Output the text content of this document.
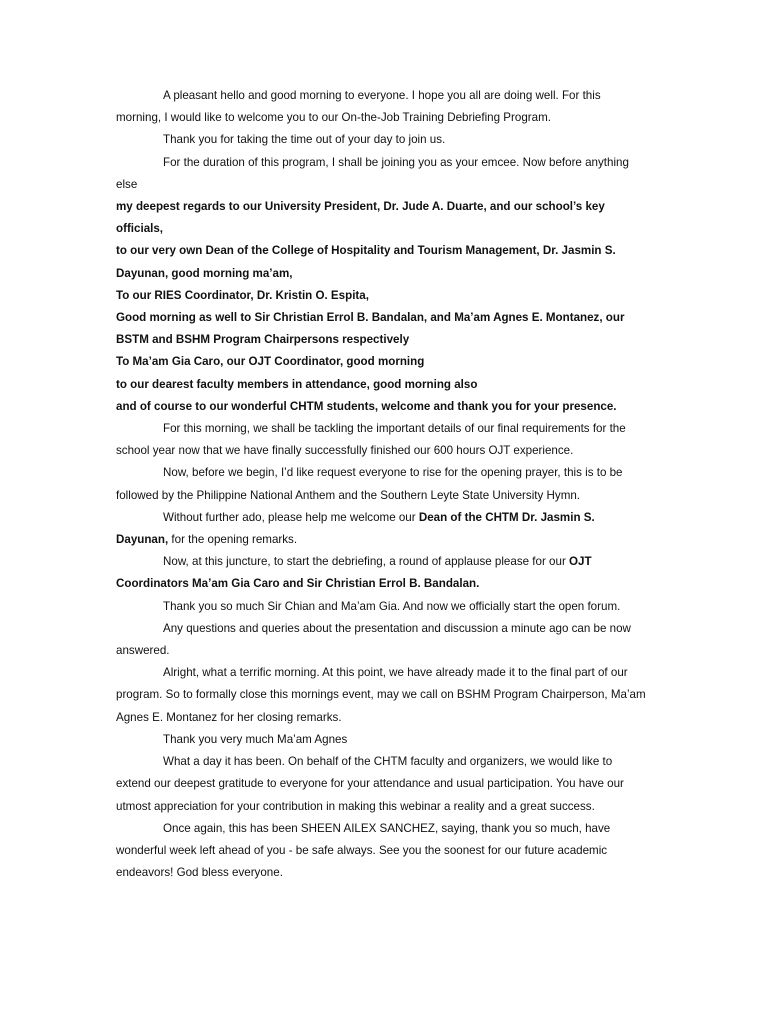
A pleasant hello and good morning to everyone. I hope you all are doing well. For this morning, I would like to welcome you to our On-the-Job Training Debriefing Program.

Thank you for taking the time out of your day to join us.

For the duration of this program, I shall be joining you as your emcee. Now before anything else

my deepest regards to our University President, Dr. Jude A. Duarte, and our school’s key officials,

to our very own Dean of the College of Hospitality and Tourism Management, Dr. Jasmin S. Dayunan, good morning ma’am,

To our RIES Coordinator, Dr. Kristin O. Espita,

Good morning as well to Sir Christian Errol B. Bandalan, and Ma’am Agnes E. Montanez, our BSTM and BSHM Program Chairpersons respectively

To Ma’am Gia Caro, our OJT Coordinator, good morning

to our dearest faculty members in attendance, good morning also

and of course to our wonderful CHTM students, welcome and thank you for your presence.

For this morning, we shall be tackling the important details of our final requirements for the school year now that we have finally successfully finished our 600 hours OJT experience.

Now, before we begin, I’d like request everyone to rise for the opening prayer, this is to be followed by the Philippine National Anthem and the Southern Leyte State University Hymn.

Without further ado, please help me welcome our Dean of the CHTM Dr. Jasmin S. Dayunan, for the opening remarks.

Now, at this juncture, to start the debriefing, a round of applause please for our OJT Coordinators Ma’am Gia Caro and Sir Christian Errol B. Bandalan.

Thank you so much Sir Chian and Ma’am Gia. And now we officially start the open forum.

Any questions and queries about the presentation and discussion a minute ago can be now answered.

Alright, what a terrific morning. At this point, we have already made it to the final part of our program. So to formally close this mornings event, may we call on BSHM Program Chairperson, Ma’am Agnes E. Montanez for her closing remarks.

Thank you very much Ma’am Agnes

What a day it has been. On behalf of the CHTM faculty and organizers, we would like to extend our deepest gratitude to everyone for your attendance and usual participation. You have our utmost appreciation for your contribution in making this webinar a reality and a great success.

Once again, this has been SHEEN AILEX SANCHEZ, saying, thank you so much, have wonderful week left ahead of you - be safe always. See you the soonest for our future academic endeavors! God bless everyone.
